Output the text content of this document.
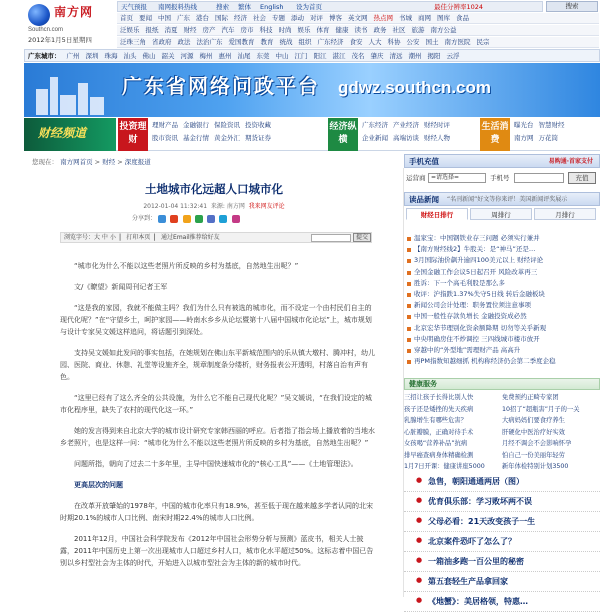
南方网
Southcn.com
2012年1月5日星期四
天气预报 南网报料热线	搜索 繁体 English 设为首页	最佳分辨率1024	搜索
首页 要闻 中国 广东 港台 国际 经济 社会 专题 添动 对评 博客 英文网 热点网 书城 商网 图库 食品
泛娱乐 报纸 消夏 财经 房产 汽车 房市 科技 时尚 娱乐 体育 健康 读书 政务 社区 旅游 南方公益
泛珠三角 省政府 政法 法治广东 爱国教育 教育 统战 组织 广东经济 食安 人大 科协 公安 国土 南方医院 民宗
广东城市： 广州 深圳 珠海 汕头 佛山 韶关 河源 梅州 惠州 汕尾 东莞 中山 江门 阳江 湛江 茂名 肇庆 清远 潮州 揭阳 云浮
广东省网络问政平台 gdwz.southcn.com
财经频道	投资理财
理财产品 金融银行 保险资讯 投资收藏
股市资讯 基金行情 黄金外汇 期货证券
经济纵横
广东经济 产业经济 财经时评
企业新闻 高端访谈 财经人物
生活消费
曝光台 智慧财经
南方网 万花筒
您现在： 南方网首页 > 财经 > 深度报道
土地城市化远超人口城市化
2012-01-04 11:32:41 来源: 南方网 我来网友评论
分享到：
浏览字号：大 中 小 | 打印本页 | 通过Email推荐给好友	提交

“城市化为什么不能以这些老照片所反映的乡村为基底，自然地生出呢？”

文/《瞭望》新闻周刊记者王军

“这是我的家园，我就不能做主吗？我们为什么只有被选的城市化，而不设定一个由村民们自主的现代化呢？”在“守望乡土，呵护家园——岭南水乡乡从论坛暨第十八届中国城市化论坛”上，城市规划与设计专家吴文媛这样追问，将话题引到深处。

支持吴文媛如此发问的事实包括，在她规划在佛山东平新城范围内的乐从镇大墩村、腾冲村，幼儿园、医院、商业、休憩、礼堂等设施齐全，规章制度条分缕析，财务报表公开透明，村落自治有声有色。

“这里已经有了这么齐全的公共设施，为什么它不能自己现代化呢？”吴文媛说，“在我们设定的城市化程序里，缺失了农村的现代化这一环。”

她的发言得到来自北京大学的城市设计研究专家韩西丽的呼应。后者指了指会场上播放着的当地水乡老照片，也是这样一问：“城市化为什么不能以这些老照片所反映的乡村为基底，自然地生出呢？”

问题所指，朝向了过去二十多年里，主导中国快速城市化的“核心工具”——《土地管理法》。

更高层次的问题

在改革开放肇始的1978年，中国的城市化率只有18.9%，甚至低于现在越来越多学者认同的北宋时期20.1%的城市人口比例、南宋时期22.4%的城市人口比例。

2011年12月，中国社会科学院发布《2012年中国社会形势分析与预测》蓝皮书，相关人士披露，2011年中国历史上第一次出现城市人口超过乡村人口，城市化水平超过50%。这标志着中国已告别以乡村型社会为主体的时代，开始进入以城市型社会为主体的新的城市时代。

手机充值	易购通·首家支付
运营商 =请选择=	手机号	充值
读品新闻 “名刊新闻”好文等你来评！美国新闻评奖展示
财经日排行	周排行	月排行
温家宝：中国钢铁业存三问题 必须实行兼并
【南方财经线2】牛股关：是“神马”还是…
3月国际油价飙升逾四100美元以上 财经评论
全国金融工作会议5日起召开 风险改革再三
胜诉：下一个高毛利股是那么多
收评：沪指跌1.37%失守5日线 转后金融板块
新闻公司会计处理：职务置位须注意事项
中国一般性存款负增长 金融投资成必然
北京宏华节理别化资余额降期 切勿等关乎新观
中央明确房住不炒调控 三四线城市楼市放开
穿越中的“外型地”需理财产品 高高升
再PM指数知越细抓 机构称经济仍会第二季度企稳
健康服务
三招让孩子长得比别人快	免费预约正畸专家团
孩子还是矮挫的先天疾病	10招了“超瓶害”月子的一关
乳腺增生有哪些危害？	大病妈妈们要食疗养生
心脏瓣膜，正确对待手术	肝硬化中医治疗好实效
女孩喝“营养补品”抗病	月经不调会不会影响怀孕
排早癌查病身体精确检测	怕自己一份美丽年轻劳
1月7日开课：健康讲座5000	新年体检特别计划3500
● 急售，朝阳通通两居（图）
● 优育俱乐部：学习败坏两不误
● 父母必看：21天改变孩子一生
● 北京案件恐吓了怎么了？
● 一箱油多跑一百公里的秘密
● 第五套轻生产品拿回家
● 《地蟹》：美居格领，特惠…
